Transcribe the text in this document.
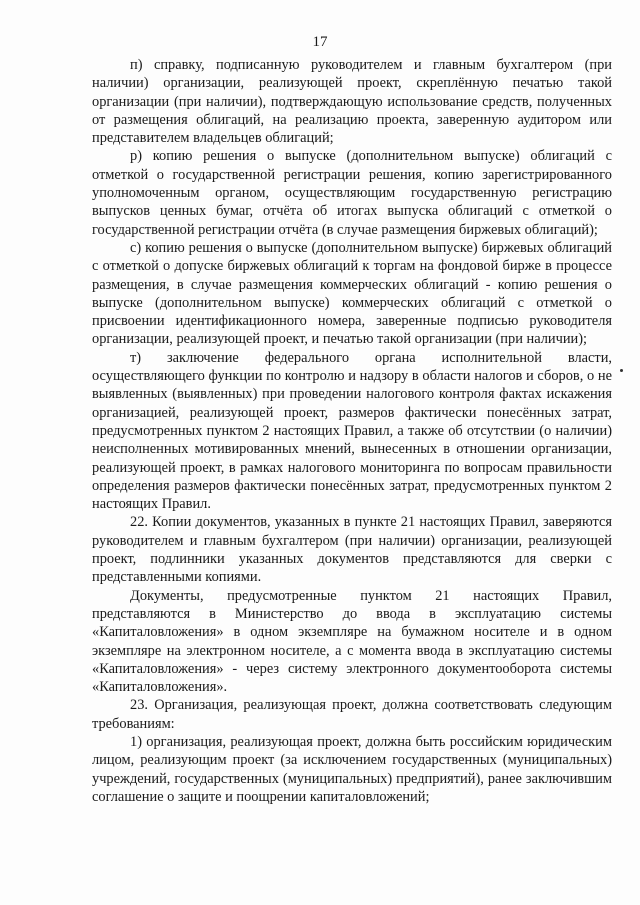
17

п) справку, подписанную руководителем и главным бухгалтером (при наличии) организации, реализующей проект, скреплённую печатью такой организации (при наличии), подтверждающую использование средств, полученных от размещения облигаций, на реализацию проекта, заверенную аудитором или представителем владельцев облигаций;

р) копию решения о выпуске (дополнительном выпуске) облигаций с отметкой о государственной регистрации решения, копию зарегистрированного уполномоченным органом, осуществляющим государственную регистрацию выпусков ценных бумаг, отчёта об итогах выпуска облигаций с отметкой о государственной регистрации отчёта (в случае размещения биржевых облигаций);

с) копию решения о выпуске (дополнительном выпуске) биржевых облигаций с отметкой о допуске биржевых облигаций к торгам на фондовой бирже в процессе размещения, в случае размещения коммерческих облигаций - копию решения о выпуске (дополнительном выпуске) коммерческих облигаций с отметкой о присвоении идентификационного номера, заверенные подписью руководителя организации, реализующей проект, и печатью такой организации (при наличии);

т) заключение федерального органа исполнительной власти, осуществляющего функции по контролю и надзору в области налогов и сборов, о не выявленных (выявленных) при проведении налогового контроля фактах искажения организацией, реализующей проект, размеров фактически понесённых затрат, предусмотренных пунктом 2 настоящих Правил, а также об отсутствии (о наличии) неисполненных мотивированных мнений, вынесенных в отношении организации, реализующей проект, в рамках налогового мониторинга по вопросам правильности определения размеров фактически понесённых затрат, предусмотренных пунктом 2 настоящих Правил.

22. Копии документов, указанных в пункте 21 настоящих Правил, заверяются руководителем и главным бухгалтером (при наличии) организации, реализующей проект, подлинники указанных документов представляются для сверки с представленными копиями.

Документы, предусмотренные пунктом 21 настоящих Правил, представляются в Министерство до ввода в эксплуатацию системы «Капиталовложения» в одном экземпляре на бумажном носителе и в одном экземпляре на электронном носителе, а с момента ввода в эксплуатацию системы «Капиталовложения» - через систему электронного документооборота системы «Капиталовложения».

23. Организация, реализующая проект, должна соответствовать следующим требованиям:

1) организация, реализующая проект, должна быть российским юридическим лицом, реализующим проект (за исключением государственных (муниципальных) учреждений, государственных (муниципальных) предприятий), ранее заключившим соглашение о защите и поощрении капиталовложений;
